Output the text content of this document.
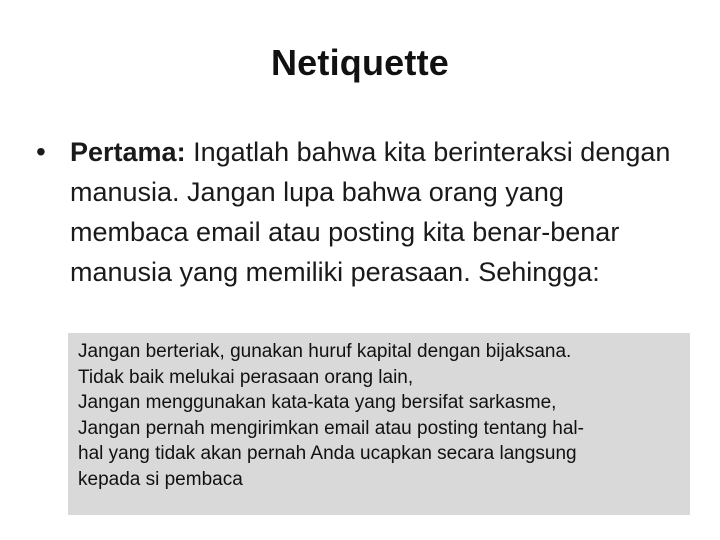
Netiquette
• Pertama: Ingatlah bahwa kita berinteraksi dengan manusia. Jangan lupa bahwa orang yang membaca email atau posting kita benar-benar manusia yang memiliki perasaan. Sehingga:
Jangan berteriak, gunakan huruf kapital dengan bijaksana.
Tidak baik melukai perasaan orang lain,
Jangan menggunakan kata-kata yang bersifat sarkasme,
Jangan pernah mengirimkan email atau posting tentang hal-
hal yang tidak akan pernah Anda ucapkan secara langsung
kepada si pembaca
